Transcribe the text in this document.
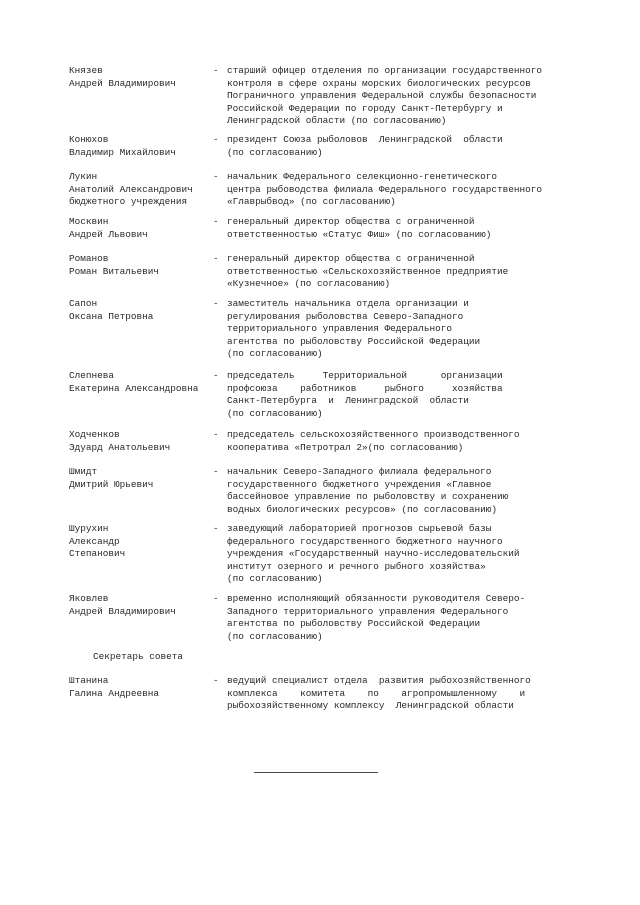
Князев
Андрей Владимирович
- старший офицер отделения по организации государственного
контроля в сфере охраны морских биологических ресурсов
Пограничного управления Федеральной службы безопасности
Российской Федерации по городу Санкт-Петербургу и
Ленинградской области (по согласованию)
Конюхов
Владимир Михайлович
- президент Союза рыболовов  Ленинградской  области
(по согласованию)
Лукин
Анатолий Александрович
бюджетного учреждения
- начальник Федерального селекционно-генетического
центра рыбоводства филиала Федерального государственного
«Главрыбвод» (по согласованию)
Москвин
Андрей Львович
- генеральный директор общества с ограниченной
ответственностью «Статус Фиш» (по согласованию)
Романов
Роман Витальевич
- генеральный директор общества с ограниченной
ответственностью «Сельскохозяйственное предприятие
«Кузнечное» (по согласованию)
Сапон
Оксана Петровна
- заместитель начальника отдела организации и
регулирования рыболовства Северо-Западного
территориального управления Федерального
агентства по рыболовству Российской Федерации
(по согласованию)
Слепнева
Екатерина Александровна
- председатель     Территориальной      организации
профсоюза    работников     рыбного     хозяйства
Санкт-Петербурга  и  Ленинградской  области
(по согласованию)
Ходченков
Эдуард Анатольевич
- председатель сельскохозяйственного производственного
кооператива «Петротрал 2»(по согласованию)
Шмидт
Дмитрий Юрьевич
- начальник Северо-Западного филиала федерального
государственного бюджетного учреждения «Главное
бассейновое управление по рыболовству и сохранению
водных биологических ресурсов» (по согласованию)
Шурухин
Александр
Степанович
- заведующий лабораторией прогнозов сырьевой базы
федерального государственного бюджетного научного
учреждения «Государственный научно-исследовательский
институт озерного и речного рыбного хозяйства»
(по согласованию)
Яковлев
Андрей Владимирович
- временно исполняющий обязанности руководителя Северо-
Западного территориального управления Федерального
агентства по рыболовству Российской Федерации
(по согласованию)
Секретарь совета
Штанина
Галина Андреевна
- ведущий специалист отдела  развития рыбохозяйственного
комплекса    комитета    по    агропромышленному    и
рыбохозяйственному комплексу  Ленинградской области
